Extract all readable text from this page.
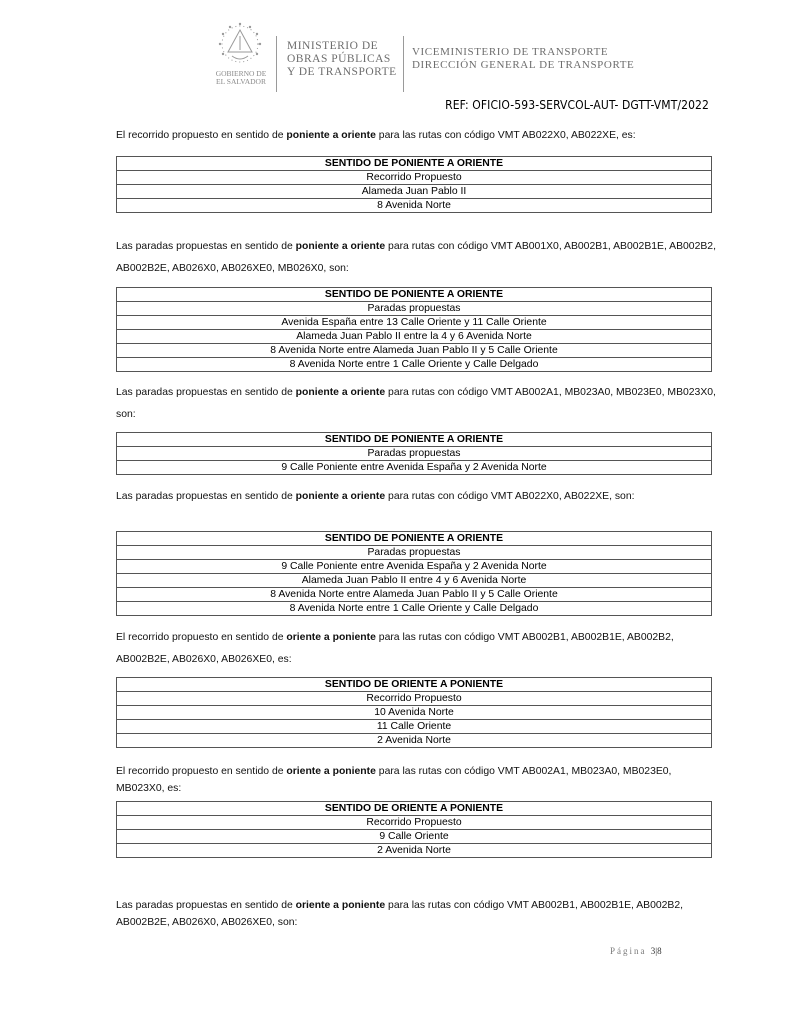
GOBIERNO DE
EL SALVADOR
MINISTERIO DE
OBRAS PÚBLICAS
Y DE TRANSPORTE
VICEMINISTERIO DE TRANSPORTE
DIRECCIÓN GENERAL DE TRANSPORTE
REF: OFICIO-593-SERVCOL-AUT- DGTT-VMT/2022
El recorrido propuesto en sentido de poniente a oriente para las rutas con código VMT AB022X0, AB022XE, es:
SENTIDO DE PONIENTE A ORIENTE
Recorrido Propuesto
Alameda Juan Pablo II
8 Avenida Norte
Las paradas propuestas en sentido de poniente a oriente para rutas con código VMT AB001X0, AB002B1, AB002B1E, AB002B2, AB002B2E, AB026X0, AB026XE0, MB026X0, son:
SENTIDO DE PONIENTE A ORIENTE
Paradas propuestas
Avenida España entre 13 Calle Oriente y 11 Calle Oriente
Alameda Juan Pablo II entre la 4 y 6 Avenida Norte
8 Avenida Norte entre Alameda Juan Pablo II y 5 Calle Oriente
8 Avenida Norte entre 1 Calle Oriente y Calle Delgado
Las paradas propuestas en sentido de poniente a oriente para rutas con código VMT AB002A1, MB023A0, MB023E0, MB023X0, son:
SENTIDO DE PONIENTE A ORIENTE
Paradas propuestas
9 Calle Poniente entre Avenida España y 2 Avenida Norte
Las paradas propuestas en sentido de poniente a oriente para rutas con código VMT AB022X0, AB022XE, son:
SENTIDO DE PONIENTE A ORIENTE
Paradas propuestas
9 Calle Poniente entre Avenida España y 2 Avenida Norte
Alameda Juan Pablo II entre 4 y 6 Avenida Norte
8 Avenida Norte entre Alameda Juan Pablo II y 5 Calle Oriente
8 Avenida Norte entre 1 Calle Oriente y Calle Delgado
El recorrido propuesto en sentido de oriente a poniente para las rutas con código VMT AB002B1, AB002B1E, AB002B2, AB002B2E, AB026X0, AB026XE0, es:
SENTIDO DE ORIENTE A PONIENTE
Recorrido Propuesto
10 Avenida Norte
11 Calle Oriente
2 Avenida Norte
El recorrido propuesto en sentido de oriente a poniente para las rutas con código VMT AB002A1, MB023A0, MB023E0, MB023X0, es:
SENTIDO DE ORIENTE A PONIENTE
Recorrido Propuesto
9 Calle Oriente
2 Avenida Norte
Las paradas propuestas en sentido de oriente a poniente para las rutas con código VMT AB002B1, AB002B1E, AB002B2, AB002B2E, AB026X0, AB026XE0, son:
Página 3|8
